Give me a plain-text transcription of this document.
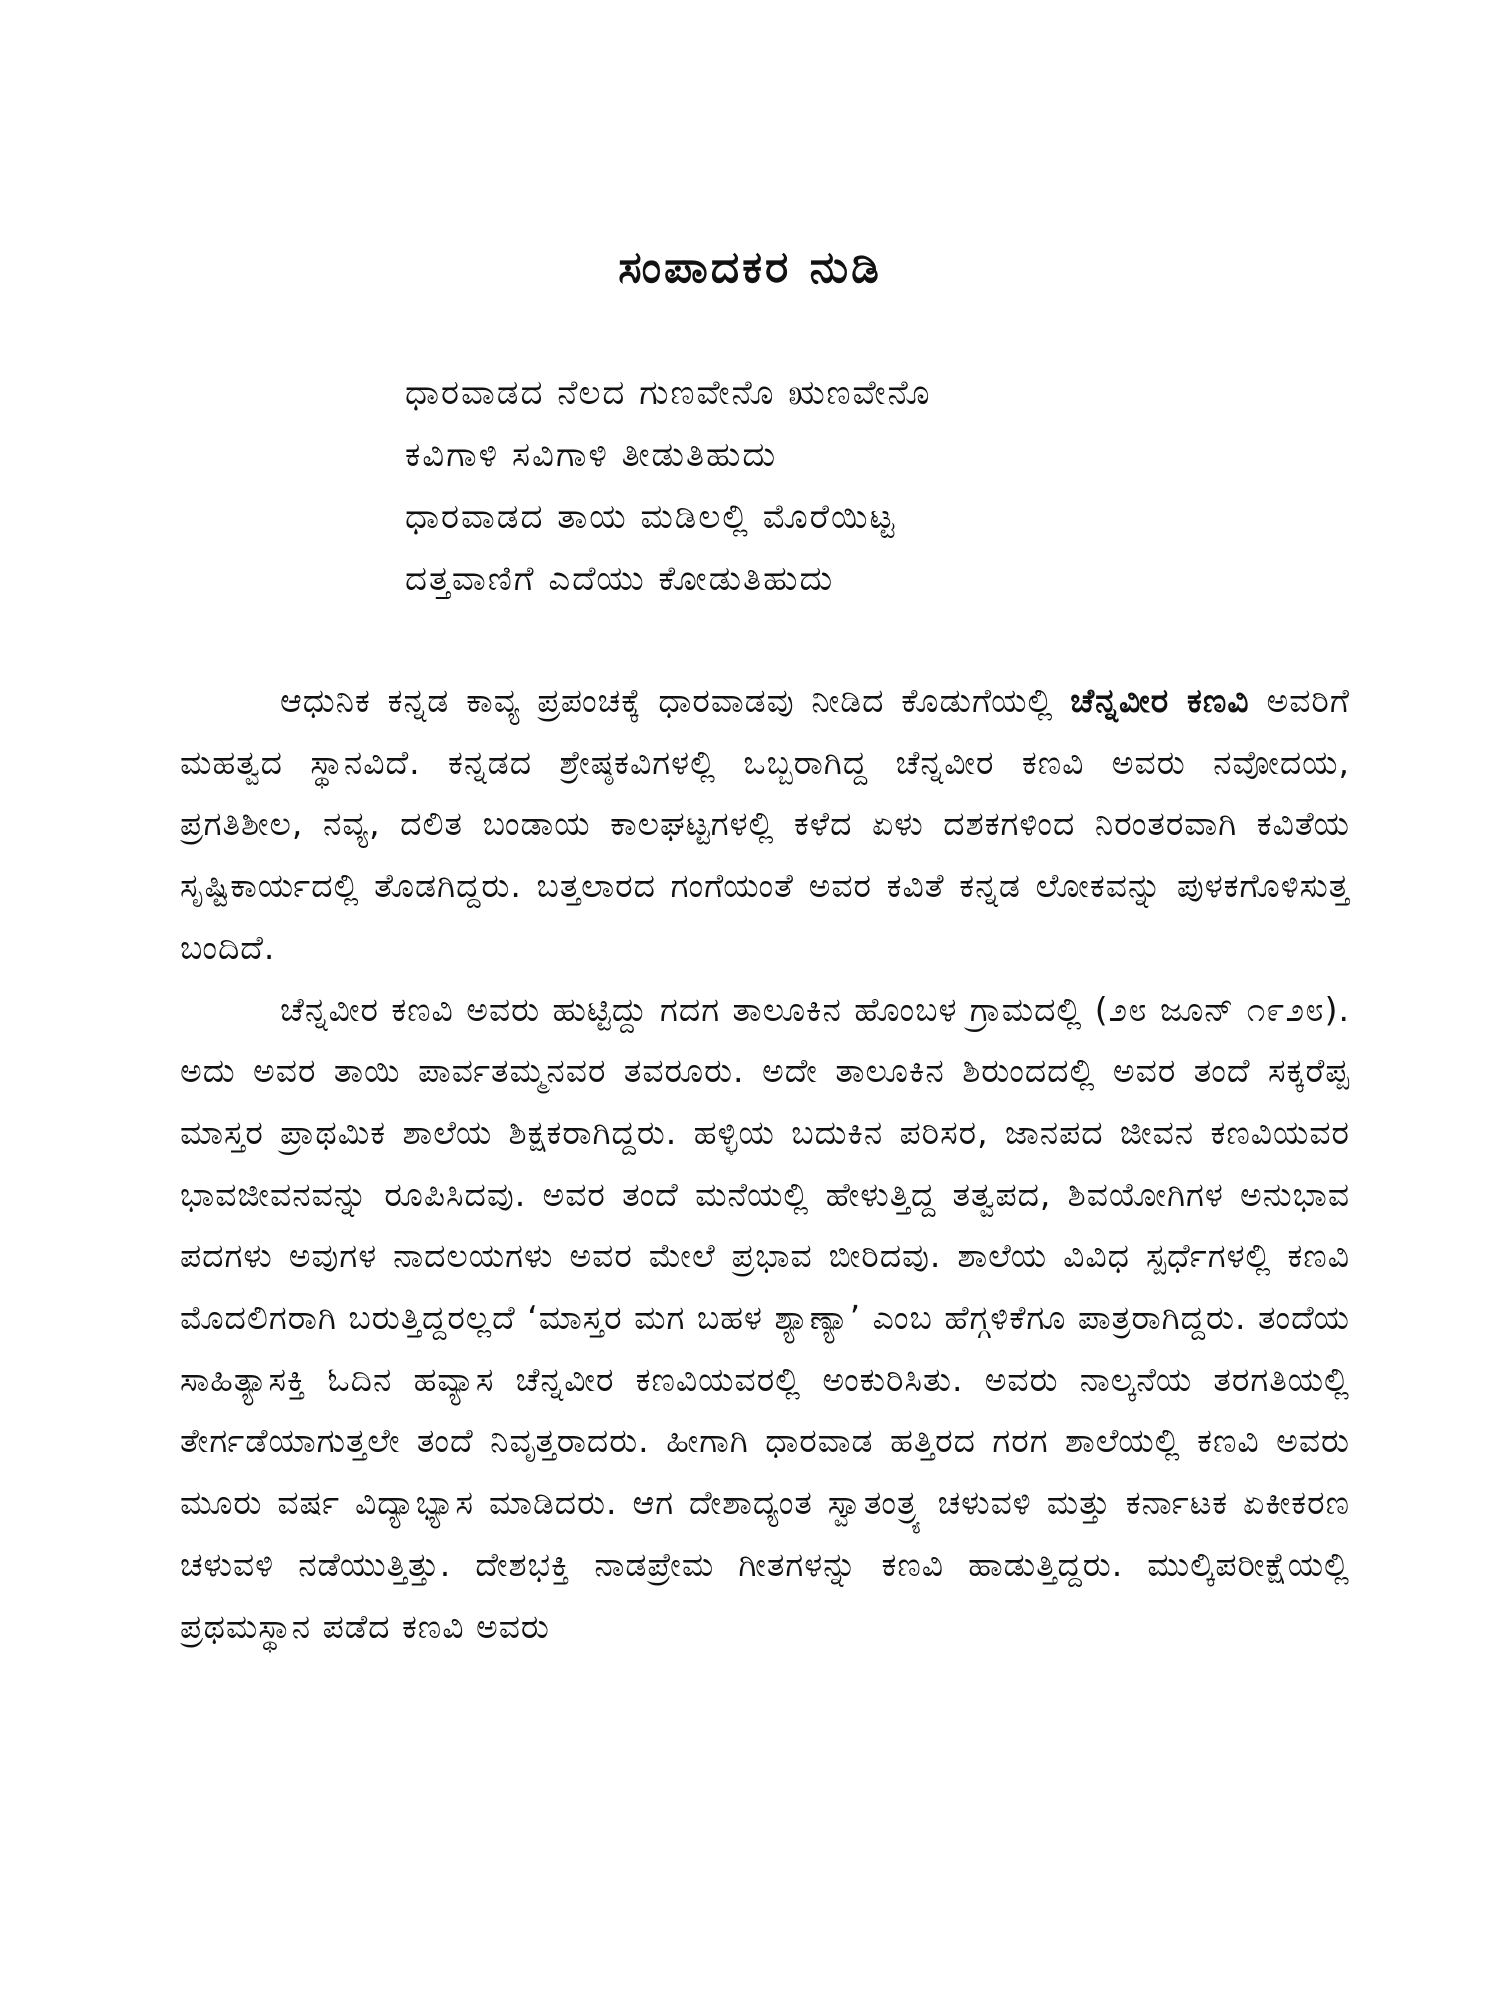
ಸಂಪಾದಕರ ನುಡಿ
ಧಾರವಾಡದ ನೆಲದ ಗುಣವೇನೊ ಋಣವೇನೊ
ಕವಿಗಾಳಿ ಸವಿಗಾಳಿ ತೀಡುತಿಹುದು
ಧಾರವಾಡದ ತಾಯ ಮಡಿಲಲ್ಲಿ ಮೊರೆಯಿಟ್ಟ
ದತ್ತವಾಣಿಗೆ ಎದೆಯು ಕೋಡುತಿಹುದು

ಆಧುನಿಕ ಕನ್ನಡ ಕಾವ್ಯ ಪ್ರಪಂಚಕ್ಕೆ ಧಾರವಾಡವು ನೀಡಿದ ಕೊಡುಗೆಯಲ್ಲಿ ಚೆನ್ನವೀರ ಕಣವಿ ಅವರಿಗೆ ಮಹತ್ವದ ಸ್ಥಾನವಿದೆ. ಕನ್ನಡದ ಶ್ರೇಷ್ಠಕವಿಗಳಲ್ಲಿ ಒಬ್ಬರಾಗಿದ್ದ ಚೆನ್ನವೀರ ಕಣವಿ ಅವರು ನವೋದಯ, ಪ್ರಗತಿಶೀಲ, ನವ್ಯ, ದಲಿತ ಬಂಡಾಯ ಕಾಲಘಟ್ಟಗಳಲ್ಲಿ ಕಳೆದ ಏಳು ದಶಕಗಳಿಂದ ನಿರಂತರವಾಗಿ ಕವಿತೆಯ ಸೃಷ್ಟಿಕಾರ್ಯದಲ್ಲಿ ತೊಡಗಿದ್ದರು. ಬತ್ತಲಾರದ ಗಂಗೆಯಂತೆ ಅವರ ಕವಿತೆ ಕನ್ನಡ ಲೋಕವನ್ನು ಪುಳಕಗೊಳಿಸುತ್ತ ಬಂದಿದೆ.

ಚೆನ್ನವೀರ ಕಣವಿ ಅವರು ಹುಟ್ಟಿದ್ದು ಗದಗ ತಾಲೂಕಿನ ಹೊಂಬಳ ಗ್ರಾಮದಲ್ಲಿ (೨೮ ಜೂನ್ ೧೯೨೮). ಅದು ಅವರ ತಾಯಿ ಪಾರ್ವತಮ್ಮನವರ ತವರೂರು. ಅದೇ ತಾಲೂಕಿನ ಶಿರುಂದದಲ್ಲಿ ಅವರ ತಂದೆ ಸಕ್ಕರೆಪ್ಪ ಮಾಸ್ತರ ಪ್ರಾಥಮಿಕ ಶಾಲೆಯ ಶಿಕ್ಷಕರಾಗಿದ್ದರು. ಹಳ್ಳಿಯ ಬದುಕಿನ ಪರಿಸರ, ಜಾನಪದ ಜೀವನ ಕಣವಿಯವರ ಭಾವಜೀವನವನ್ನು ರೂಪಿಸಿದವು. ಅವರ ತಂದೆ ಮನೆಯಲ್ಲಿ ಹೇಳುತ್ತಿದ್ದ ತತ್ವಪದ, ಶಿವಯೋಗಿಗಳ ಅನುಭಾವ ಪದಗಳು ಅವುಗಳ ನಾದಲಯಗಳು ಅವರ ಮೇಲೆ ಪ್ರಭಾವ ಬೀರಿದವು. ಶಾಲೆಯ ವಿವಿಧ ಸ್ಪರ್ಧೆಗಳಲ್ಲಿ ಕಣವಿ ಮೊದಲಿಗರಾಗಿ ಬರುತ್ತಿದ್ದರಲ್ಲದೆ ‘ಮಾಸ್ತರ ಮಗ ಬಹಳ ಶ್ಯಾಣ್ಯಾ’ ಎಂಬ ಹೆಗ್ಗಳಿಕೆಗೂ ಪಾತ್ರರಾಗಿದ್ದರು. ತಂದೆಯ ಸಾಹಿತ್ಯಾಸಕ್ತಿ ಓದಿನ ಹವ್ಯಾಸ ಚೆನ್ನವೀರ ಕಣವಿಯವರಲ್ಲಿ ಅಂಕುರಿಸಿತು. ಅವರು ನಾಲ್ಕನೆಯ ತರಗತಿಯಲ್ಲಿ ತೇರ್ಗಡೆಯಾಗುತ್ತಲೇ ತಂದೆ ನಿವೃತ್ತರಾದರು. ಹೀಗಾಗಿ ಧಾರವಾಡ ಹತ್ತಿರದ ಗರಗ ಶಾಲೆಯಲ್ಲಿ ಕಣವಿ ಅವರು ಮೂರು ವರ್ಷ ವಿದ್ಯಾಭ್ಯಾಸ ಮಾಡಿದರು. ಆಗ ದೇಶಾದ್ಯಂತ ಸ್ವಾತಂತ್ರ್ಯ ಚಳುವಳಿ ಮತ್ತು ಕರ್ನಾಟಕ ಏಕೀಕರಣ ಚಳುವಳಿ ನಡೆಯುತ್ತಿತ್ತು. ದೇಶಭಕ್ತಿ ನಾಡಪ್ರೇಮ ಗೀತಗಳನ್ನು ಕಣವಿ ಹಾಡುತ್ತಿದ್ದರು. ಮುಲ್ಕಿಪರೀಕ್ಷೆಯಲ್ಲಿ ಪ್ರಥಮಸ್ಥಾನ ಪಡೆದ ಕಣವಿ ಅವರು
